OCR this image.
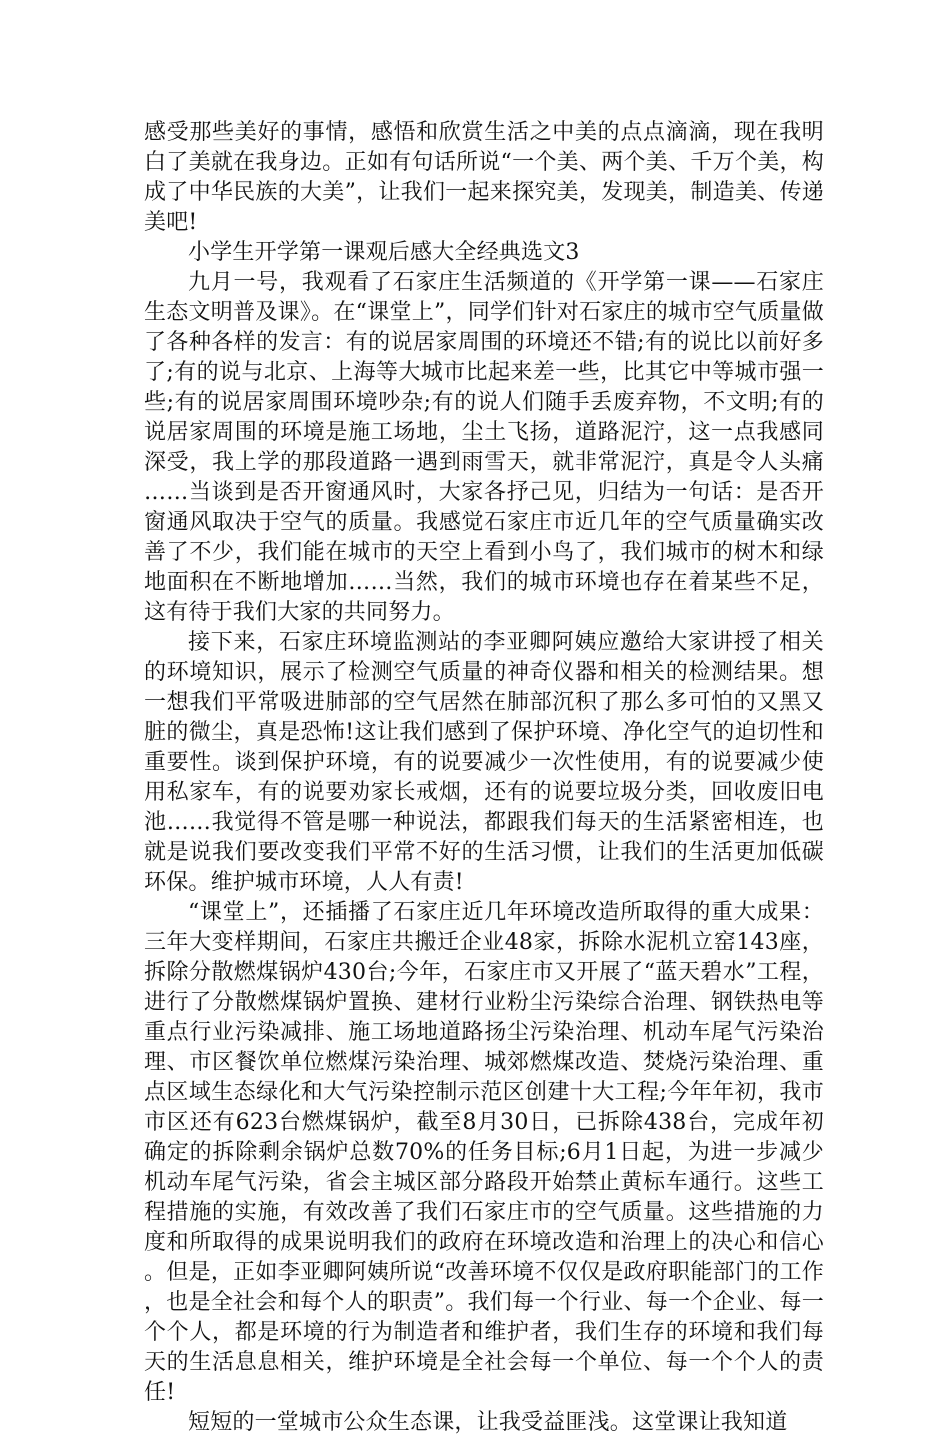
感受那些美好的事情，感悟和欣赏生活之中美的点点滴滴，现在我明白了美就在我身边。正如有句话所说“一个美、两个美、千万个美，构成了中华民族的大美”，让我们一起来探究美，发现美，制造美、传递美吧!

小学生开学第一课观后感大全经典选文3

九月一号，我观看了石家庄生活频道的《开学第一课——石家庄生态文明普及课》。在“课堂上”，同学们针对石家庄的城市空气质量做了各种各样的发言：有的说居家周围的环境还不错;有的说比以前好多了;有的说与北京、上海等大城市比起来差一些，比其它中等城市强一些;有的说居家周围环境吵杂;有的说人们随手丢废弃物，不文明;有的说居家周围的环境是施工场地，尘土飞扬，道路泥泞，这一点我感同深受，我上学的那段道路一遇到雨雪天，就非常泥泞，真是令人头痛……当谈到是否开窗通风时，大家各抒己见，归结为一句话：是否开窗通风取决于空气的质量。我感觉石家庄市近几年的空气质量确实改善了不少，我们能在城市的天空上看到小鸟了，我们城市的树木和绿地面积在不断地增加……当然，我们的城市环境也存在着某些不足，这有待于我们大家的共同努力。

接下来，石家庄环境监测站的李亚卿阿姨应邀给大家讲授了相关的环境知识，展示了检测空气质量的神奇仪器和相关的检测结果。想一想我们平常吸进肺部的空气居然在肺部沉积了那么多可怕的又黑又脏的微尘，真是恐怖!这让我们感到了保护环境、净化空气的迫切性和重要性。谈到保护环境，有的说要减少一次性使用，有的说要减少使用私家车，有的说要劝家长戒烟，还有的说要垃圾分类，回收废旧电池……我觉得不管是哪一种说法，都跟我们每天的生活紧密相连，也就是说我们要改变我们平常不好的生活习惯，让我们的生活更加低碳环保。维护城市环境，人人有责!

“课堂上”，还插播了石家庄近几年环境改造所取得的重大成果：三年大变样期间，石家庄共搬迁企业48家，拆除水泥机立窑143座，拆除分散燃煤锅炉430台;今年，石家庄市又开展了“蓝天碧水”工程，进行了分散燃煤锅炉置换、建材行业粉尘污染综合治理、钢铁热电等重点行业污染减排、施工场地道路扬尘污染治理、机动车尾气污染治理、市区餐饮单位燃煤污染治理、城郊燃煤改造、焚烧污染治理、重点区域生态绿化和大气污染控制示范区创建十大工程;今年年初，我市市区还有623台燃煤锅炉，截至8月30日，已拆除438台，完成年初确定的拆除剩余锅炉总数70%的任务目标;6月1日起，为进一步减少机动车尾气污染，省会主城区部分路段开始禁止黄标车通行。这些工程措施的实施，有效改善了我们石家庄市的空气质量。这些措施的力度和所取得的成果说明我们的政府在环境改造和治理上的决心和信心。但是，正如李亚卿阿姨所说“改善环境不仅仅是政府职能部门的工作，也是全社会和每个人的职责”。我们每一个行业、每一个企业、每一个个人，都是环境的行为制造者和维护者，我们生存的环境和我们每天的生活息息相关，维护环境是全社会每一个单位、每一个个人的责任!

短短的一堂城市公众生态课，让我受益匪浅。这堂课让我知道
